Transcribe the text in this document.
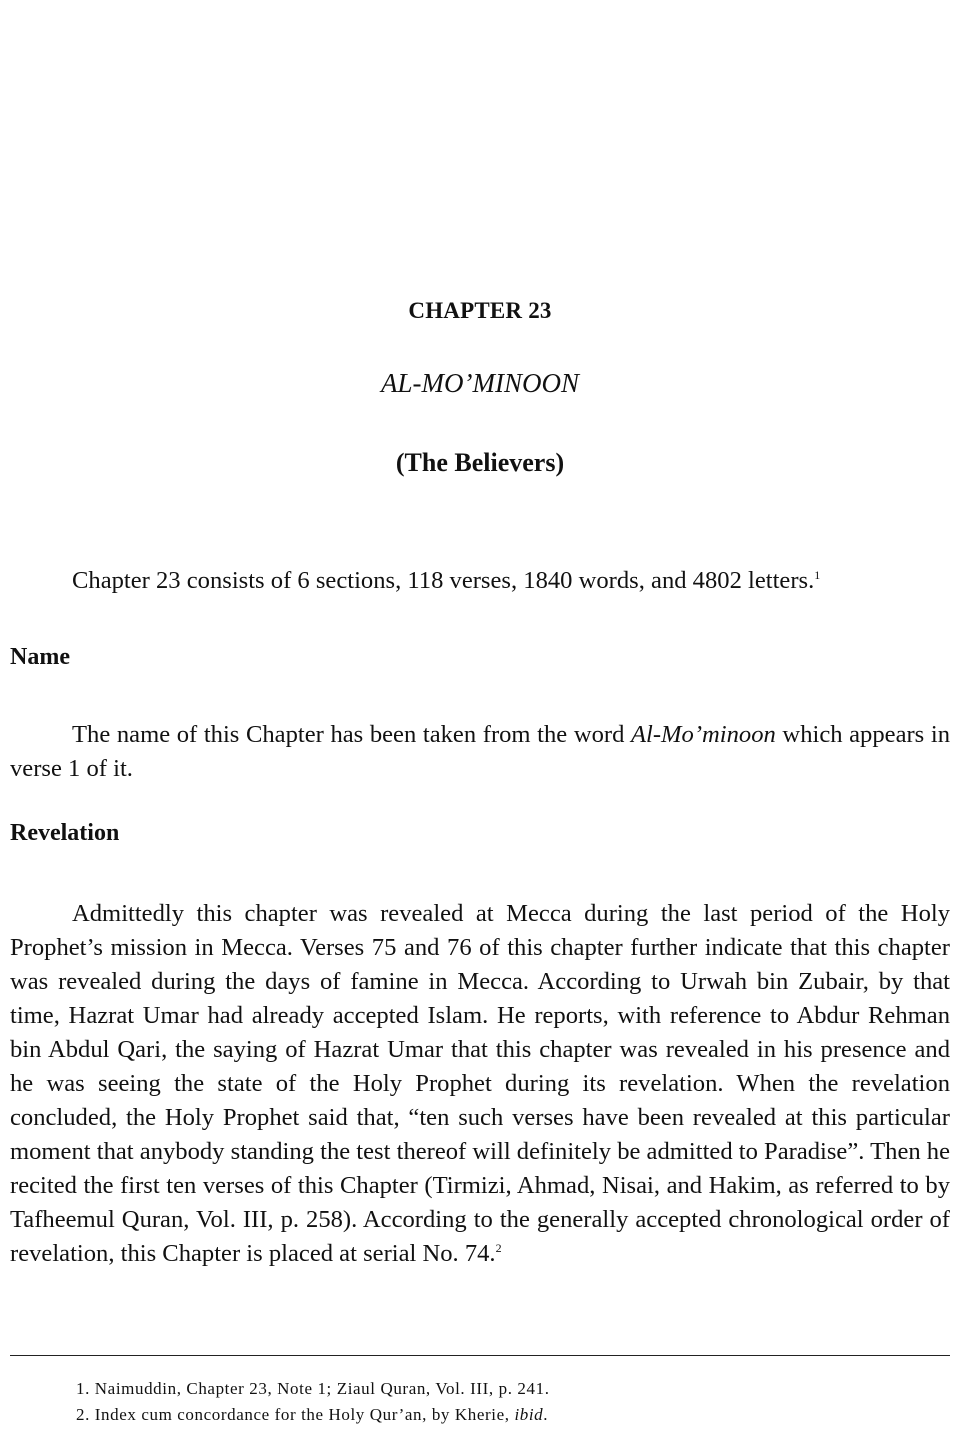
CHAPTER 23
AL-MO’MINOON
(The Believers)

Chapter 23 consists of 6 sections, 118 verses, 1840 words, and 4802 letters.$^1$

Name

The name of this Chapter has been taken from the word Al-Mo’minoon which appears in verse 1 of it.

Revelation

Admittedly this chapter was revealed at Mecca during the last period of the Holy Prophet’s mission in Mecca. Verses 75 and 76 of this chapter further indicate that this chapter was revealed during the days of famine in Mecca. According to Urwah bin Zubair, by that time, Hazrat Umar had already accepted Islam. He reports, with reference to Abdur Rehman bin Abdul Qari, the saying of Hazrat Umar that this chapter was revealed in his presence and he was seeing the state of the Holy Prophet during its revelation. When the revelation concluded, the Holy Prophet said that, “ten such verses have been revealed at this particular moment that anybody standing the test thereof will definitely be admitted to Paradise”. Then he recited the first ten verses of this Chapter (Tirmizi, Ahmad, Nisai, and Hakim, as referred to by Tafheemul Quran, Vol. III, p. 258). According to the generally accepted chronological order of revelation, this Chapter is placed at serial No. 74.$^2$

1. Naimuddin, Chapter 23, Note 1; Ziaul Quran, Vol. III, p. 241.

2. Index cum concordance for the Holy Qur’an, by Kherie, ibid.
